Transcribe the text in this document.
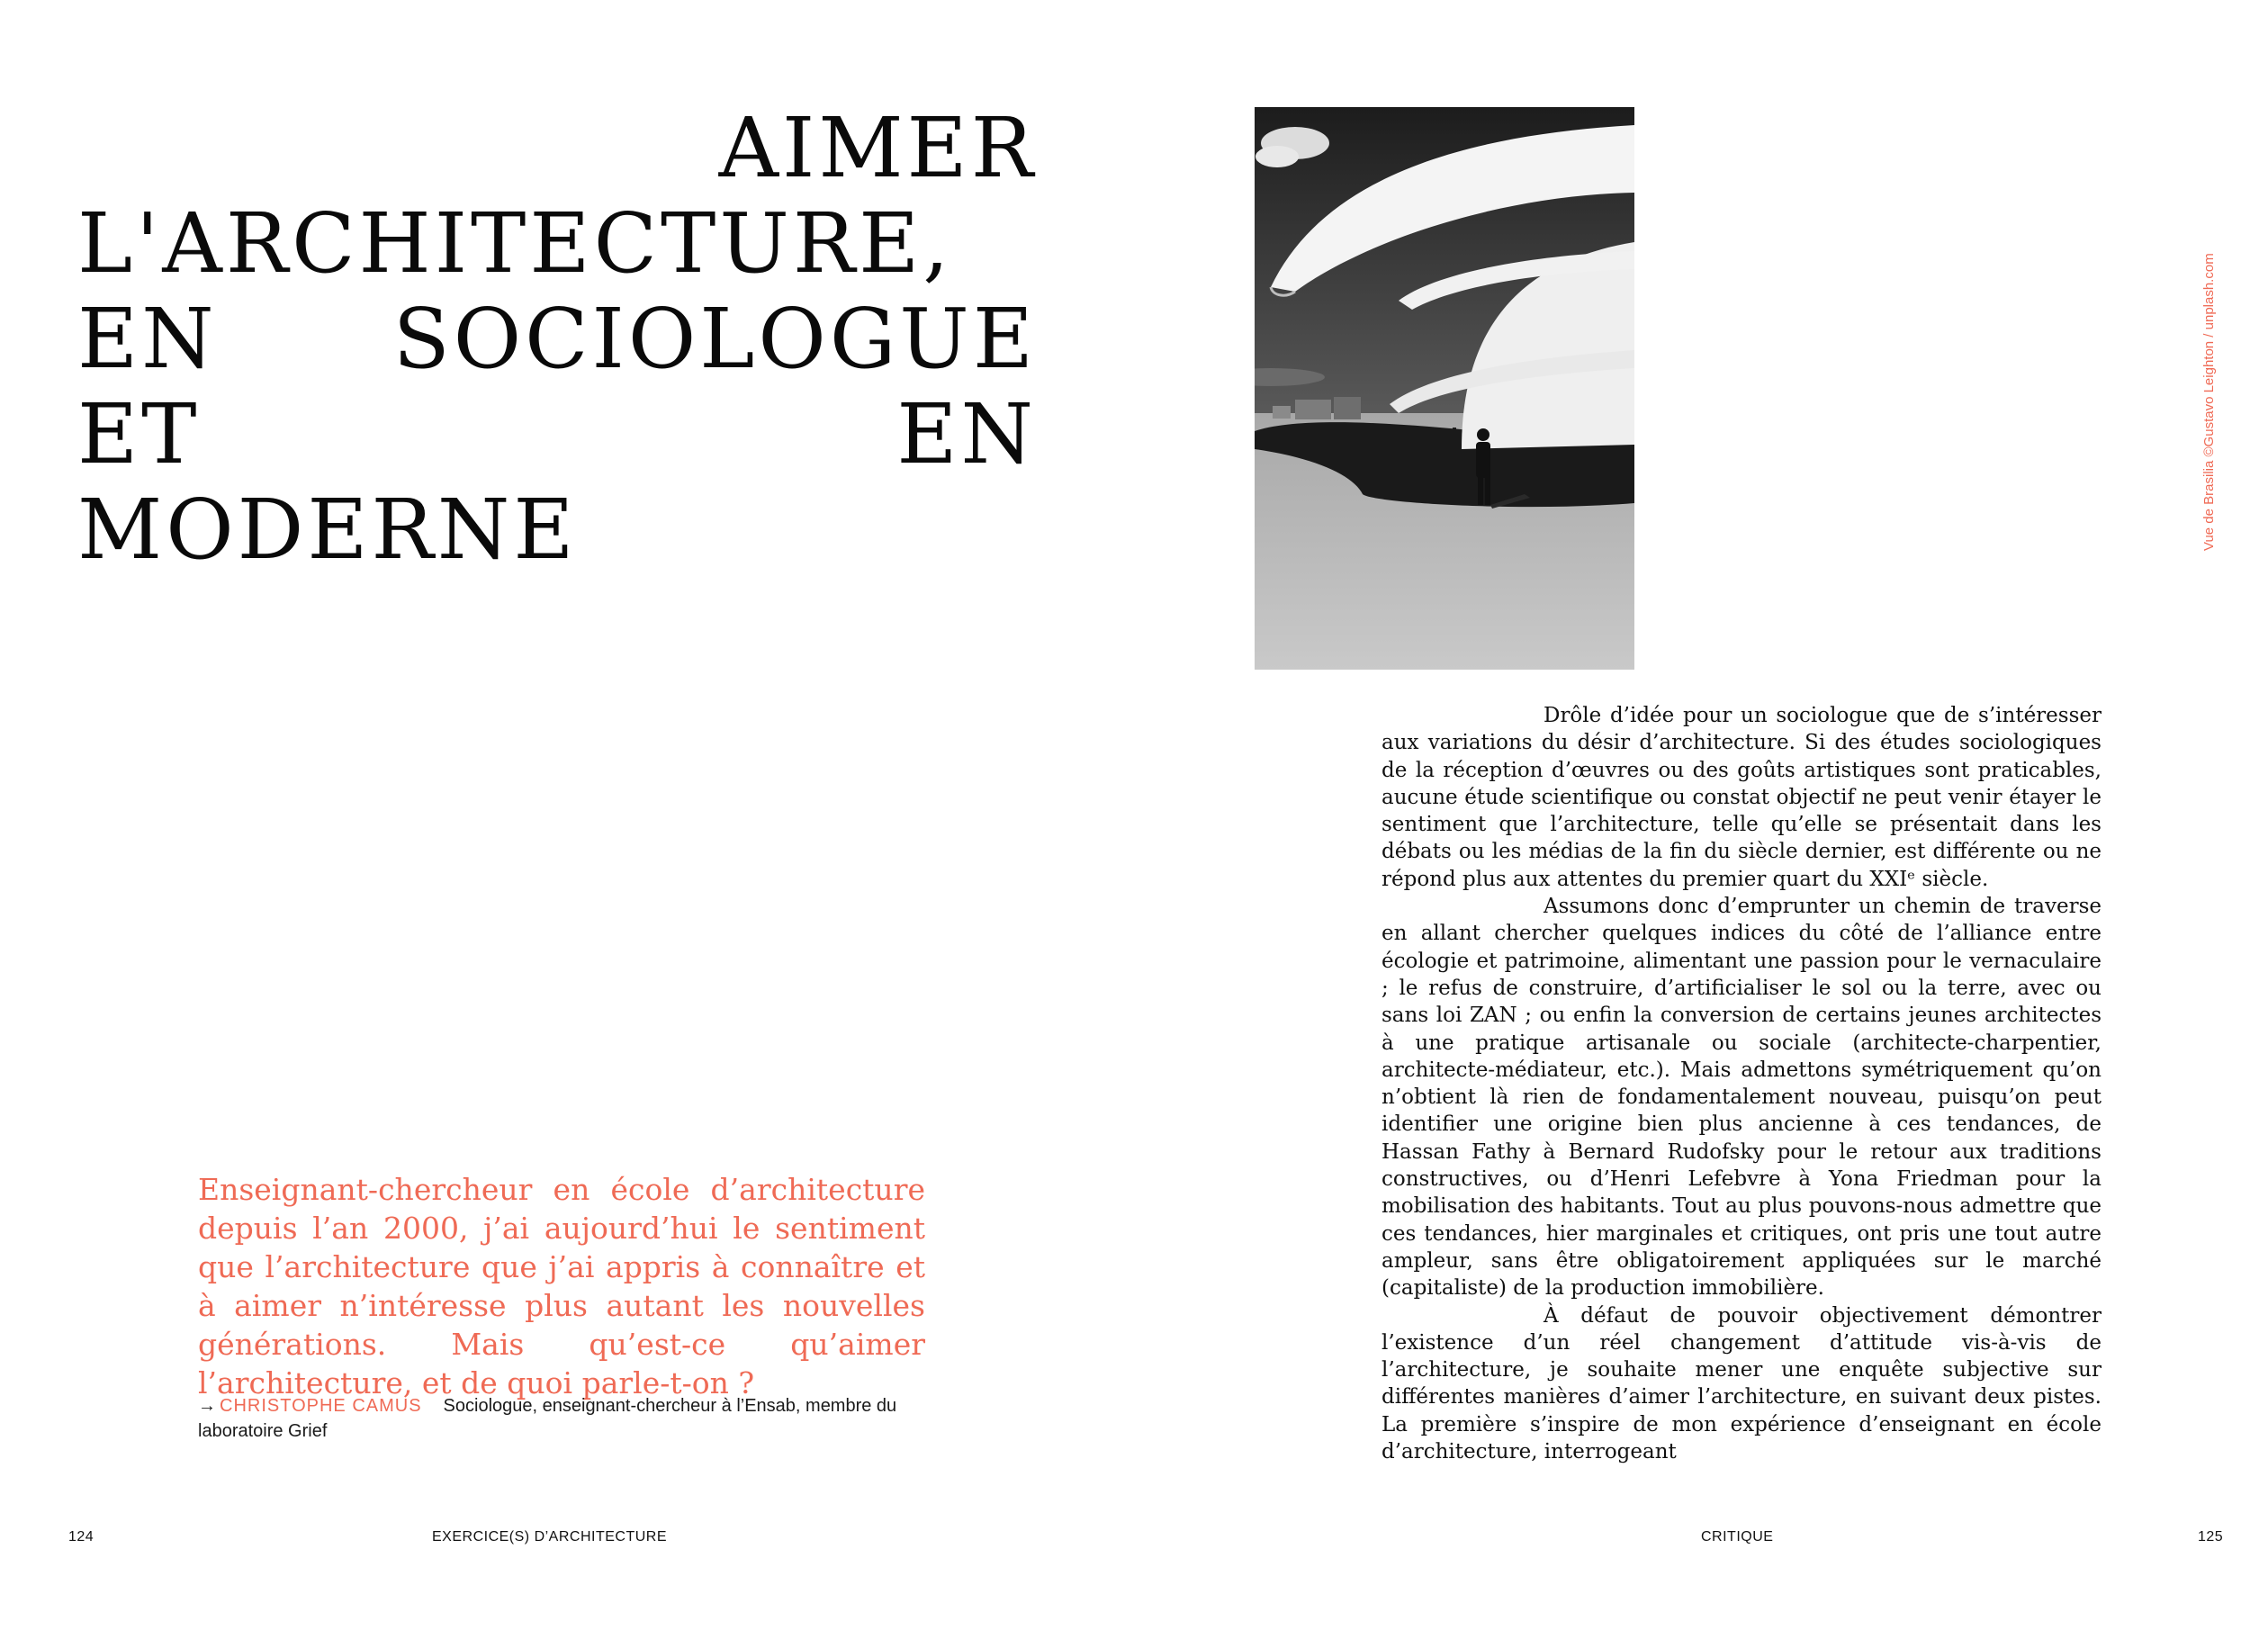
AIMER
L'ARCHITECTURE,
EN SOCIOLOGUE
ET	EN
MODERNE	Vue de Brasilia ©Gustavo Leighton / unplash.com
Enseignant-chercheur en école d’architecture depuis l’an 2000, j’ai aujourd’hui le sentiment que l’architecture que j’ai appris à connaître et à aimer n’intéresse plus autant les nouvelles générations. Mais qu’est-ce qu’aimer l’architecture, et de quoi parle-t-on ?
→ CHRISTOPHE CAMUS Sociologue, enseignant-chercheur à l’Ensab, membre du laboratoire Grief

Drôle d’idée pour un sociologue que de s’intéresser aux variations du désir d’architecture. Si des études sociologiques de la réception d’œuvres ou des goûts artistiques sont praticables, aucune étude scientifique ou constat objectif ne peut venir étayer le sentiment que l’architecture, telle qu’elle se présentait dans les débats ou les médias de la fin du siècle dernier, est différente ou ne répond plus aux attentes du premier quart du XXIᵉ siècle.

Assumons donc d’emprunter un chemin de traverse en allant chercher quelques indices du côté de l’alliance entre écologie et patrimoine, alimentant une passion pour le vernaculaire ; le refus de construire, d’artificialiser le sol ou la terre, avec ou sans loi ZAN ; ou enfin la conversion de certains jeunes architectes à une pratique artisanale ou sociale (architecte-charpentier, architecte-médiateur, etc.). Mais admettons symétriquement qu’on n’obtient là rien de fondamentalement nouveau, puisqu’on peut identifier une origine bien plus ancienne à ces tendances, de Hassan Fathy à Bernard Rudofsky pour le retour aux traditions constructives, ou d’Henri Lefebvre à Yona Friedman pour la mobilisation des habitants. Tout au plus pouvons-nous admettre que ces tendances, hier marginales et critiques, ont pris une tout autre ampleur, sans être obligatoirement appliquées sur le marché (capitaliste) de la production immobilière.

À défaut de pouvoir objectivement démontrer l’existence d’un réel changement d’attitude vis-à-vis de l’architecture, je souhaite mener une enquête subjective sur différentes manières d’aimer l’architecture, en suivant deux pistes. La première s’inspire de mon expérience d’enseignant en école d’architecture, interrogeant

124	EXERCICE(S) D’ARCHITECTURE	CRITIQUE	125
